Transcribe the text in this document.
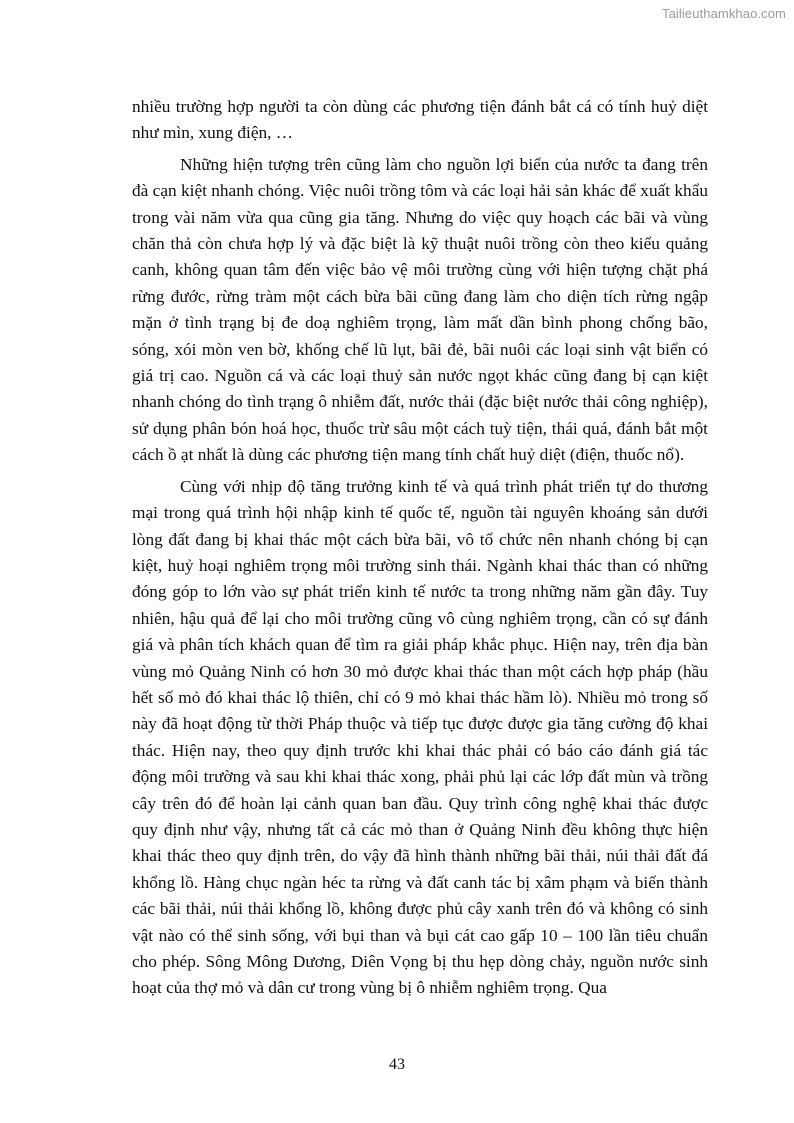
Tailieuthamkhao.com

nhiều trường hợp người ta còn dùng các phương tiện đánh bắt cá có tính huỷ diệt như mìn, xung điện, …

Những hiện tượng trên cũng làm cho nguồn lợi biển của nước ta đang trên đà cạn kiệt nhanh chóng. Việc nuôi trồng tôm và các loại hải sản khác để xuất khẩu trong vài năm vừa qua cũng gia tăng. Nhưng do việc quy hoạch các bãi và vùng chăn thả còn chưa hợp lý và đặc biệt là kỹ thuật nuôi trồng còn theo kiểu quảng canh, không quan tâm đến việc bảo vệ môi trường cùng với hiện tượng chặt phá rừng đước, rừng tràm một cách bừa bãi cũng đang làm cho diện tích rừng ngập mặn ở tình trạng bị đe doạ nghiêm trọng, làm mất dần bình phong chống bão, sóng, xói mòn ven bờ, khống chế lũ lụt, bãi đẻ, bãi nuôi các loại sinh vật biển có giá trị cao. Nguồn cá và các loại thuỷ sản nước ngọt khác cũng đang bị cạn kiệt nhanh chóng do tình trạng ô nhiễm đất, nước thải (đặc biệt nước thải công nghiệp), sử dụng phân bón hoá học, thuốc trừ sâu một cách tuỳ tiện, thái quá, đánh bắt một cách ồ ạt nhất là dùng các phương tiện mang tính chất huỷ diệt (điện, thuốc nổ).

Cùng với nhịp độ tăng trưởng kinh tế và quá trình phát triển tự do thương mại trong quá trình hội nhập kinh tế quốc tế, nguồn tài nguyên khoáng sản dưới lòng đất đang bị khai thác một cách bừa bãi, vô tổ chức nên nhanh chóng bị cạn kiệt, huỷ hoại nghiêm trọng môi trường sinh thái. Ngành khai thác than có những đóng góp to lớn vào sự phát triển kinh tế nước ta trong những năm gần đây. Tuy nhiên, hậu quả để lại cho môi trường cũng vô cùng nghiêm trọng, cần có sự đánh giá và phân tích khách quan để tìm ra giải pháp khắc phục. Hiện nay, trên địa bàn vùng mỏ Quảng Ninh có hơn 30 mỏ được khai thác than một cách hợp pháp (hầu hết số mỏ đó khai thác lộ thiên, chỉ có 9 mỏ khai thác hầm lò). Nhiều mỏ trong số này đã hoạt động từ thời Pháp thuộc và tiếp tục được được gia tăng cường độ khai thác. Hiện nay, theo quy định trước khi khai thác phải có báo cáo đánh giá tác động môi trường và sau khi khai thác xong, phải phủ lại các lớp đất mùn và trồng cây trên đó để hoàn lại cảnh quan ban đầu. Quy trình công nghệ khai thác được quy định như vậy, nhưng tất cả các mỏ than ở Quảng Ninh đều không thực hiện khai thác theo quy định trên, do vậy đã hình thành những bãi thải, núi thải đất đá khổng lồ. Hàng chục ngàn héc ta rừng và đất canh tác bị xâm phạm và biến thành các bãi thải, núi thải khổng lồ, không được phủ cây xanh trên đó và không có sinh vật nào có thể sinh sống, với bụi than và bụi cát cao gấp 10 – 100 lần tiêu chuẩn cho phép. Sông Mông Dương, Diên Vọng bị thu hẹp dòng chảy, nguồn nước sinh hoạt của thợ mỏ và dân cư trong vùng bị ô nhiễm nghiêm trọng. Qua

43
